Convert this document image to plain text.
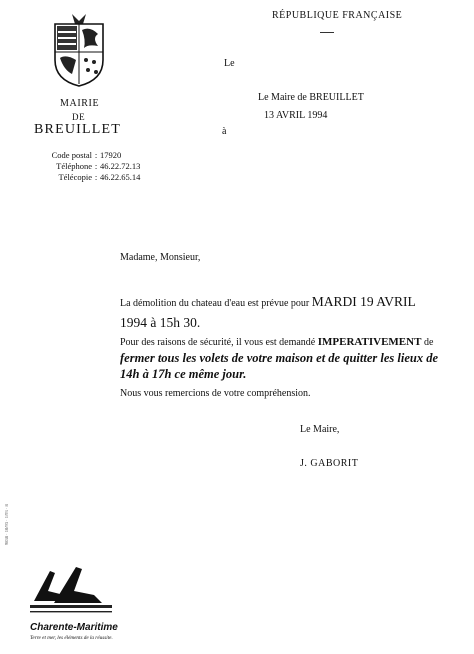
RÉPUBLIQUE FRANÇAISE
Le
MAIRIE
DE
BREUILLET
Le Maire de BREUILLET
13 AVRIL 1994
à
Code postal : 17920
Téléphone : 46.22.72.13
Télécopie : 46.22.65.14
Madame, Monsieur,
La démolition du chateau d'eau est prévue pour MARDI 19 AVRIL
1994 à 15h 30.
Pour des raisons de sécurité, il vous est demandé IMPERATIVEMENT de
fermer tous les volets de votre maison et de quitter les lieux de 14h à 17h ce même jour.
Nous vous remercions de votre compréhension.
Le Maire,
J. GABORIT
9838 · 10/93 · 1/93 · 8
Charente-Maritime
Terre et mer, les éléments de la réussite.
